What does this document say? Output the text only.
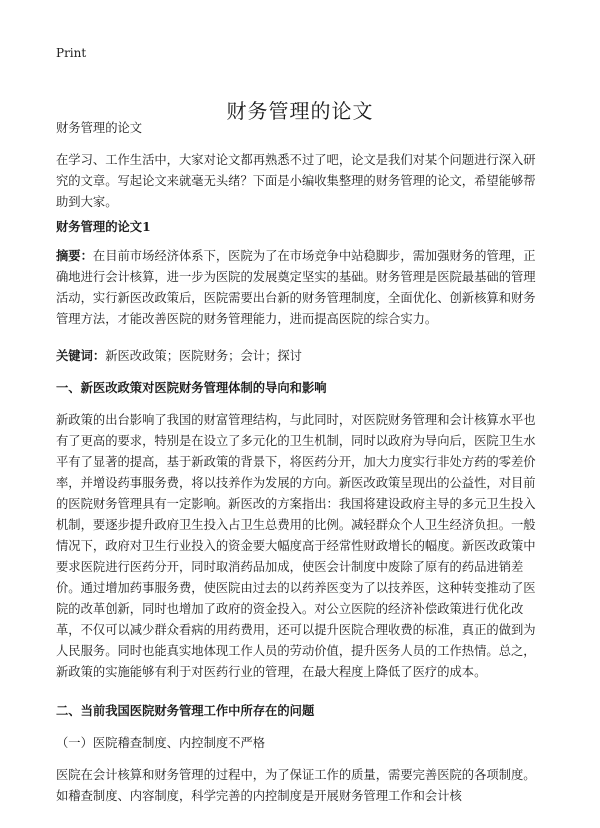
Print
财务管理的论文

财务管理的论文

在学习、工作生活中，大家对论文都再熟悉不过了吧，论文是我们对某个问题进行深入研究的文章。写起论文来就毫无头绪？下面是小编收集整理的财务管理的论文，希望能够帮助到大家。

财务管理的论文1

摘要：在目前市场经济体系下，医院为了在市场竞争中站稳脚步，需加强财务的管理，正确地进行会计核算，进一步为医院的发展奠定坚实的基础。财务管理是医院最基础的管理活动，实行新医改政策后，医院需要出台新的财务管理制度，全面优化、创新核算和财务管理方法，才能改善医院的财务管理能力，进而提高医院的综合实力。

关键词：新医改政策；医院财务；会计；探讨

一、新医改政策对医院财务管理体制的导向和影响

新政策的出台影响了我国的财富管理结构，与此同时，对医院财务管理和会计核算水平也有了更高的要求，特别是在设立了多元化的卫生机制，同时以政府为导向后，医院卫生水平有了显著的提高，基于新政策的背景下，将医药分开，加大力度实行非处方药的零差价率，并增设药事服务费，将以技养作为发展的方向。新医改政策呈现出的公益性，对目前的医院财务管理具有一定影响。新医改的方案指出：我国将建设政府主导的多元卫生投入机制，要逐步提升政府卫生投入占卫生总费用的比例。减轻群众个人卫生经济负担。一般情况下，政府对卫生行业投入的资金要大幅度高于经常性财政增长的幅度。新医改政策中要求医院进行医药分开，同时取消药品加成，使医会计制度中废除了原有的药品进销差价。通过增加药事服务费，使医院由过去的以药养医变为了以技养医，这种转变推动了医院的改革创新，同时也增加了政府的资金投入。对公立医院的经济补偿政策进行优化改革，不仅可以减少群众看病的用药费用，还可以提升医院合理收费的标准，真正的做到为人民服务。同时也能真实地体现工作人员的劳动价值，提升医务人员的工作热情。总之，新政策的实施能够有利于对医药行业的管理，在最大程度上降低了医疗的成本。

二、当前我国医院财务管理工作中所存在的问题

（一）医院稽查制度、内控制度不严格

医院在会计核算和财务管理的过程中，为了保证工作的质量，需要完善医院的各项制度。如稽查制度、内容制度，科学完善的内控制度是开展财务管理工作和会计核
